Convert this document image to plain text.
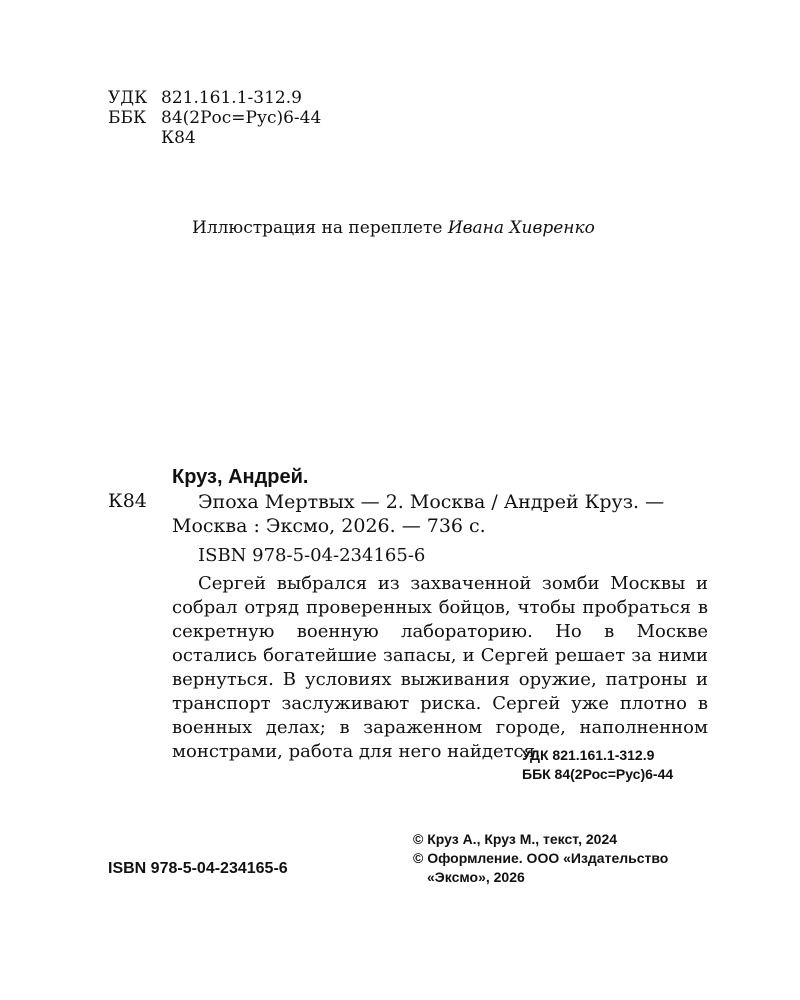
УДК 821.161.1-312.9
ББК 84(2Рос=Рус)6-44
К84
Иллюстрация на переплете Ивана Хивренко
Круз, Андрей.
К84	Эпоха Мертвых — 2. Москва / Андрей Круз. — Москва : Эксмо, 2026. — 736 с.
ISBN 978-5-04-234165-6
Сергей выбрался из захваченной зомби Москвы и собрал отряд проверенных бойцов, чтобы пробраться в секретную военную лабораторию. Но в Москве остались богатейшие запасы, и Сергей решает за ними вернуться. В условиях выживания оружие, патроны и транспорт заслуживают риска. Сергей уже плотно в военных делах; в зараженном городе, наполненном монстрами, работа для него найдется.
УДК 821.161.1-312.9
ББК 84(2Рос=Рус)6-44
© Круз А., Круз М., текст, 2024
© Оформление. ООО «Издательство
«Эксмо», 2026
ISBN 978-5-04-234165-6
